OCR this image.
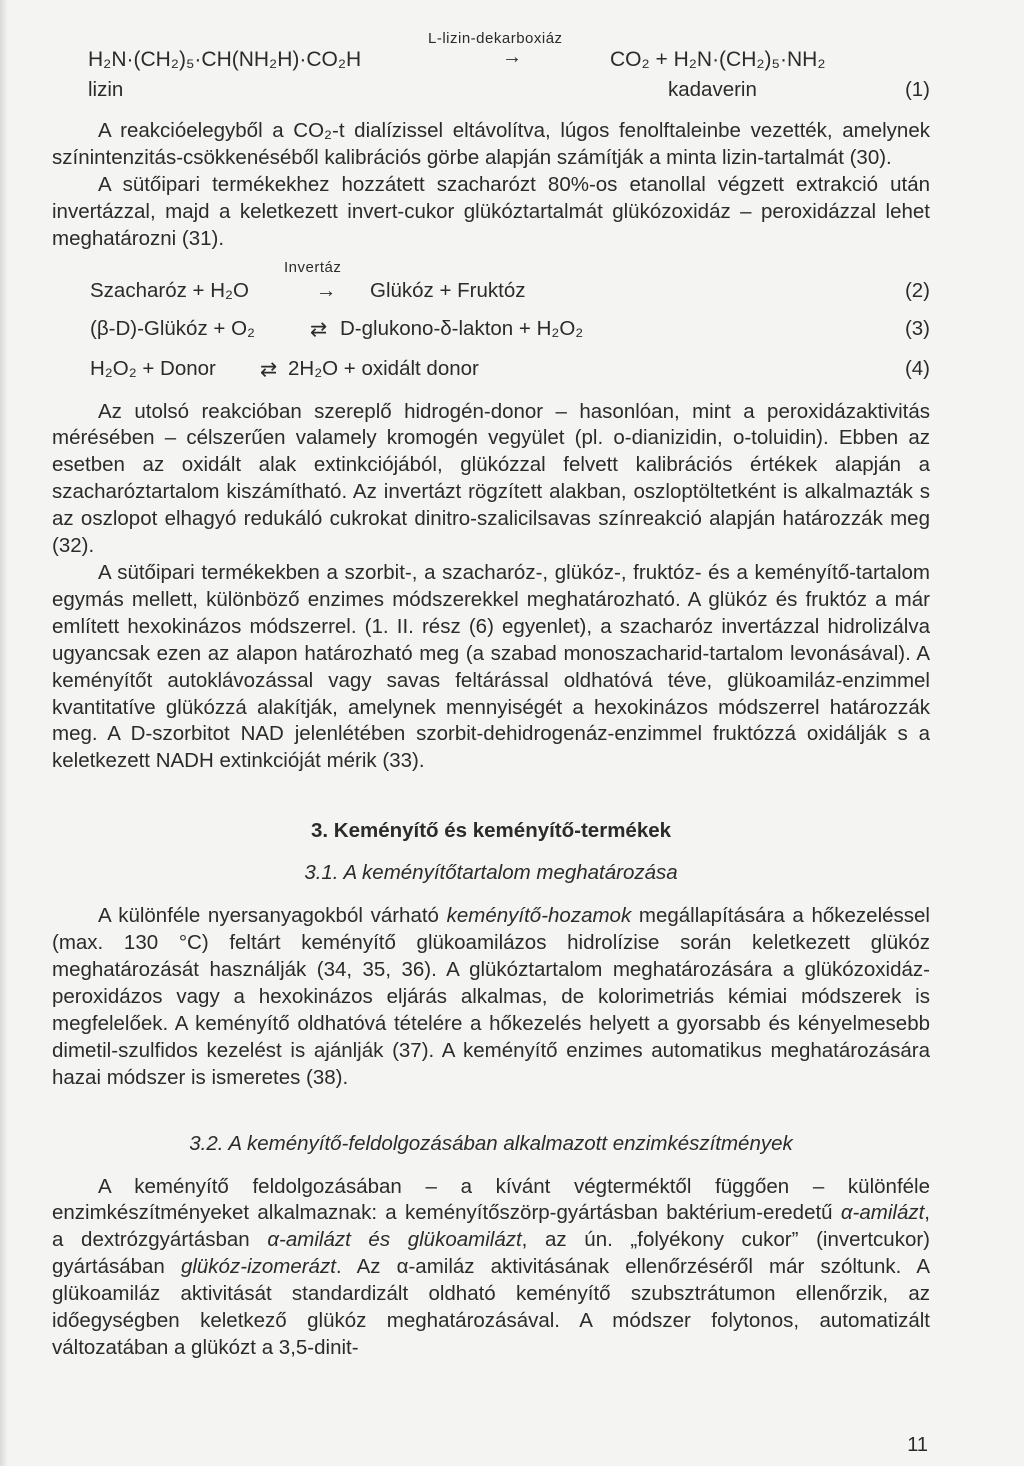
L-lizin-dekarboxiáz
H₂N·(CH₂)₅·CH(NH₂H)·CO₂H	→	CO₂ + H₂N·(CH₂)₅·NH₂
lizin	kadaverin	(1)

A reakcióelegyből a CO₂-t dialízissel eltávolítva, lúgos fenolftaleinbe vezették, amelynek színintenzitás-csökkenéséből kalibrációs görbe alapján számítják a minta lizin-tartalmát (30).

A sütőipari termékekhez hozzátett szacharózt 80%-os etanollal végzett extrakció után invertázzal, majd a keletkezett invert-cukor glükóztartalmát glükózoxidáz – peroxidázzal lehet meghatározni (31).

Invertáz
Szacharóz + H₂O	→ Glükóz + Fruktóz	(2)
(β-D)-Glükóz + O₂	⇄ D-glukono-δ-lakton + H₂O₂	(3)
H₂O₂ + Donor ⇄ 2H₂O + oxidált donor	(4)

Az utolsó reakcióban szereplő hidrogén-donor – hasonlóan, mint a peroxidázaktivitás mérésében – célszerűen valamely kromogén vegyület (pl. o-dianizidin, o-toluidin). Ebben az esetben az oxidált alak extinkciójából, glükózzal felvett kalibrációs értékek alapján a szacharóztartalom kiszámítható. Az invertázt rögzített alakban, oszloptöltetként is alkalmazták s az oszlopot elhagyó redukáló cukrokat dinitro-szalicilsavas színreakció alapján határozzák meg (32).

A sütőipari termékekben a szorbit-, a szacharóz-, glükóz-, fruktóz- és a keményítő-tartalom egymás mellett, különböző enzimes módszerekkel meghatározható. A glükóz és fruktóz a már említett hexokinázos módszerrel. (1. II. rész (6) egyenlet), a szacharóz invertázzal hidrolizálva ugyancsak ezen az alapon határozható meg (a szabad monoszacharid-tartalom levonásával). A keményítőt autoklávozással vagy savas feltárással oldhatóvá téve, glükoamiláz-enzimmel kvantitatíve glükózzá alakítják, amelynek mennyiségét a hexokinázos módszerrel határozzák meg. A D-szorbitot NAD jelenlétében szorbit-dehidrogenáz-enzimmel fruktózzá oxidálják s a keletkezett NADH extinkcióját mérik (33).

3. Keményítő és keményítő-termékek
3.1. A keményítőtartalom meghatározása

A különféle nyersanyagokból várható keményítő-hozamok megállapítására a hőkezeléssel (max. 130 °C) feltárt keményítő glükoamilázos hidrolízise során keletkezett glükóz meghatározását használják (34, 35, 36). A glükóztartalom meghatározására a glükózoxidáz-peroxidázos vagy a hexokinázos eljárás alkalmas, de kolorimetriás kémiai módszerek is megfelelőek. A keményítő oldhatóvá tételére a hőkezelés helyett a gyorsabb és kényelmesebb dimetil-szulfidos kezelést is ajánlják (37). A keményítő enzimes automatikus meghatározására hazai módszer is ismeretes (38).

3.2. A keményítő-feldolgozásában alkalmazott enzimkészítmények

A keményítő feldolgozásában – a kívánt végterméktől függően – különféle enzimkészítményeket alkalmaznak: a keményítőszörp-gyártásban baktérium-eredetű α-amilázt, a dextrózgyártásban α-amilázt és glükoamilázt, az ún. „folyékony cukor” (invertcukor) gyártásában glükóz-izomerázt. Az α-amiláz aktivitásának ellenőrzéséről már szóltunk. A glükoamiláz aktivitását standardizált oldható keményítő szubsztrátumon ellenőrzik, az időegységben keletkező glükóz meghatározásával. A módszer folytonos, automatizált változatában a glükózt a 3,5-dinit-

11
